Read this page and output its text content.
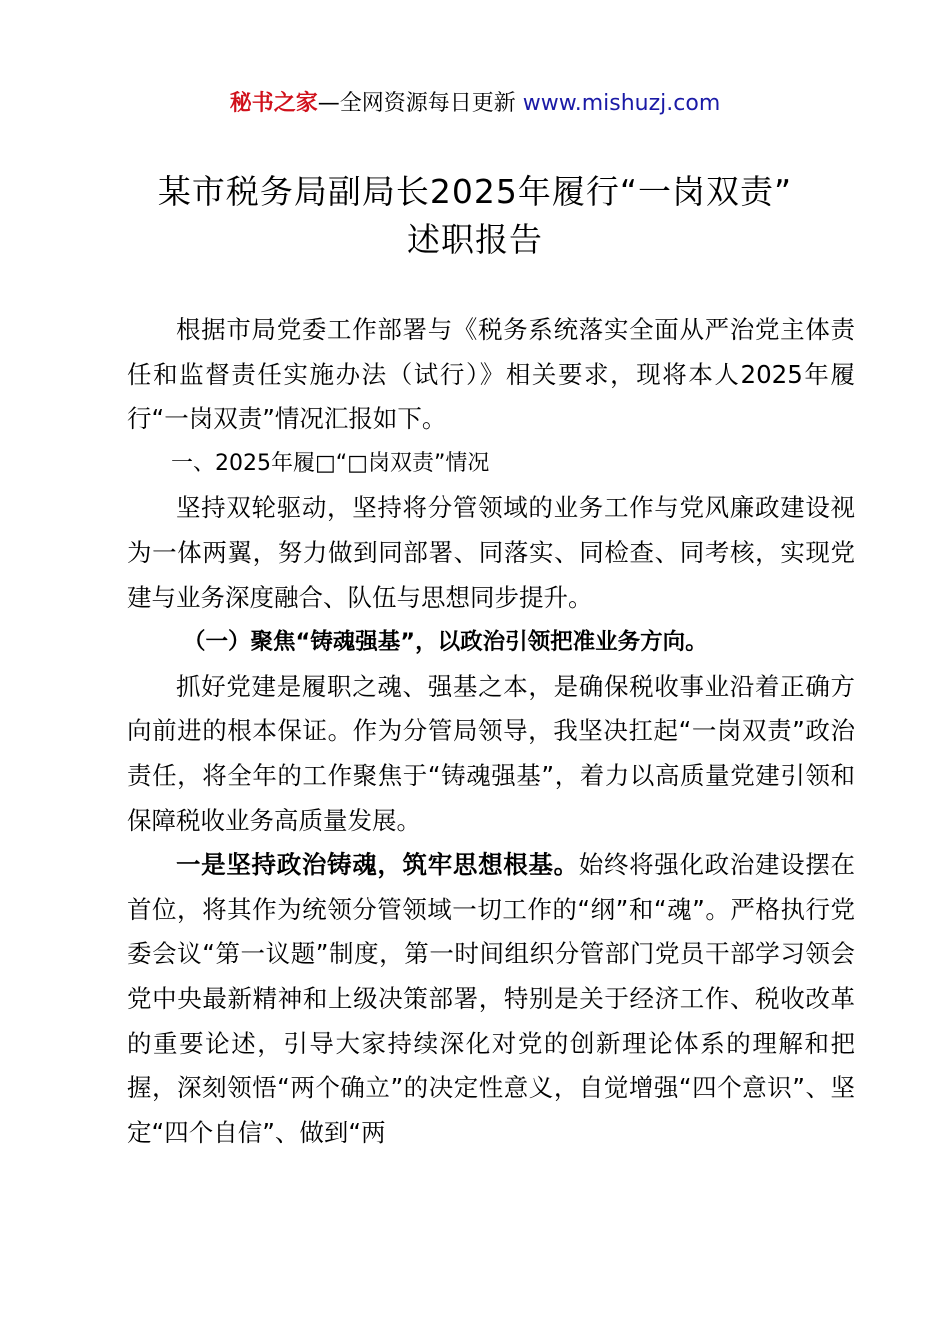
秘书之家—全网资源每日更新 www.mishuzj.com
某市税务局副局长2025年履行“一岗双责”
述职报告

根据市局党委工作部署与《税务系统落实全面从严治党主体责任和监督责任实施办法（试行）》相关要求，现将本人2025年履行“一岗双责”情况汇报如下。

一、2025年履□“□岗双责”情况

坚持双轮驱动，坚持将分管领域的业务工作与党风廉政建设视为一体两翼，努力做到同部署、同落实、同检查、同考核，实现党建与业务深度融合、队伍与思想同步提升。

（一）聚焦“铸魂强基”，以政治引领把准业务方向。

抓好党建是履职之魂、强基之本，是确保税收事业沿着正确方向前进的根本保证。作为分管局领导，我坚决扛起“一岗双责”政治责任，将全年的工作聚焦于“铸魂强基”，着力以高质量党建引领和保障税收业务高质量发展。

一是坚持政治铸魂，筑牢思想根基。始终将强化政治建设摆在首位，将其作为统领分管领域一切工作的“纲”和“魂”。严格执行党委会议“第一议题”制度，第一时间组织分管部门党员干部学习领会党中央最新精神和上级决策部署，特别是关于经济工作、税收改革的重要论述，引导大家持续深化对党的创新理论体系的理解和把握，深刻领悟“两个确立”的决定性意义，自觉增强“四个意识”、坚定“四个自信”、做到“两
